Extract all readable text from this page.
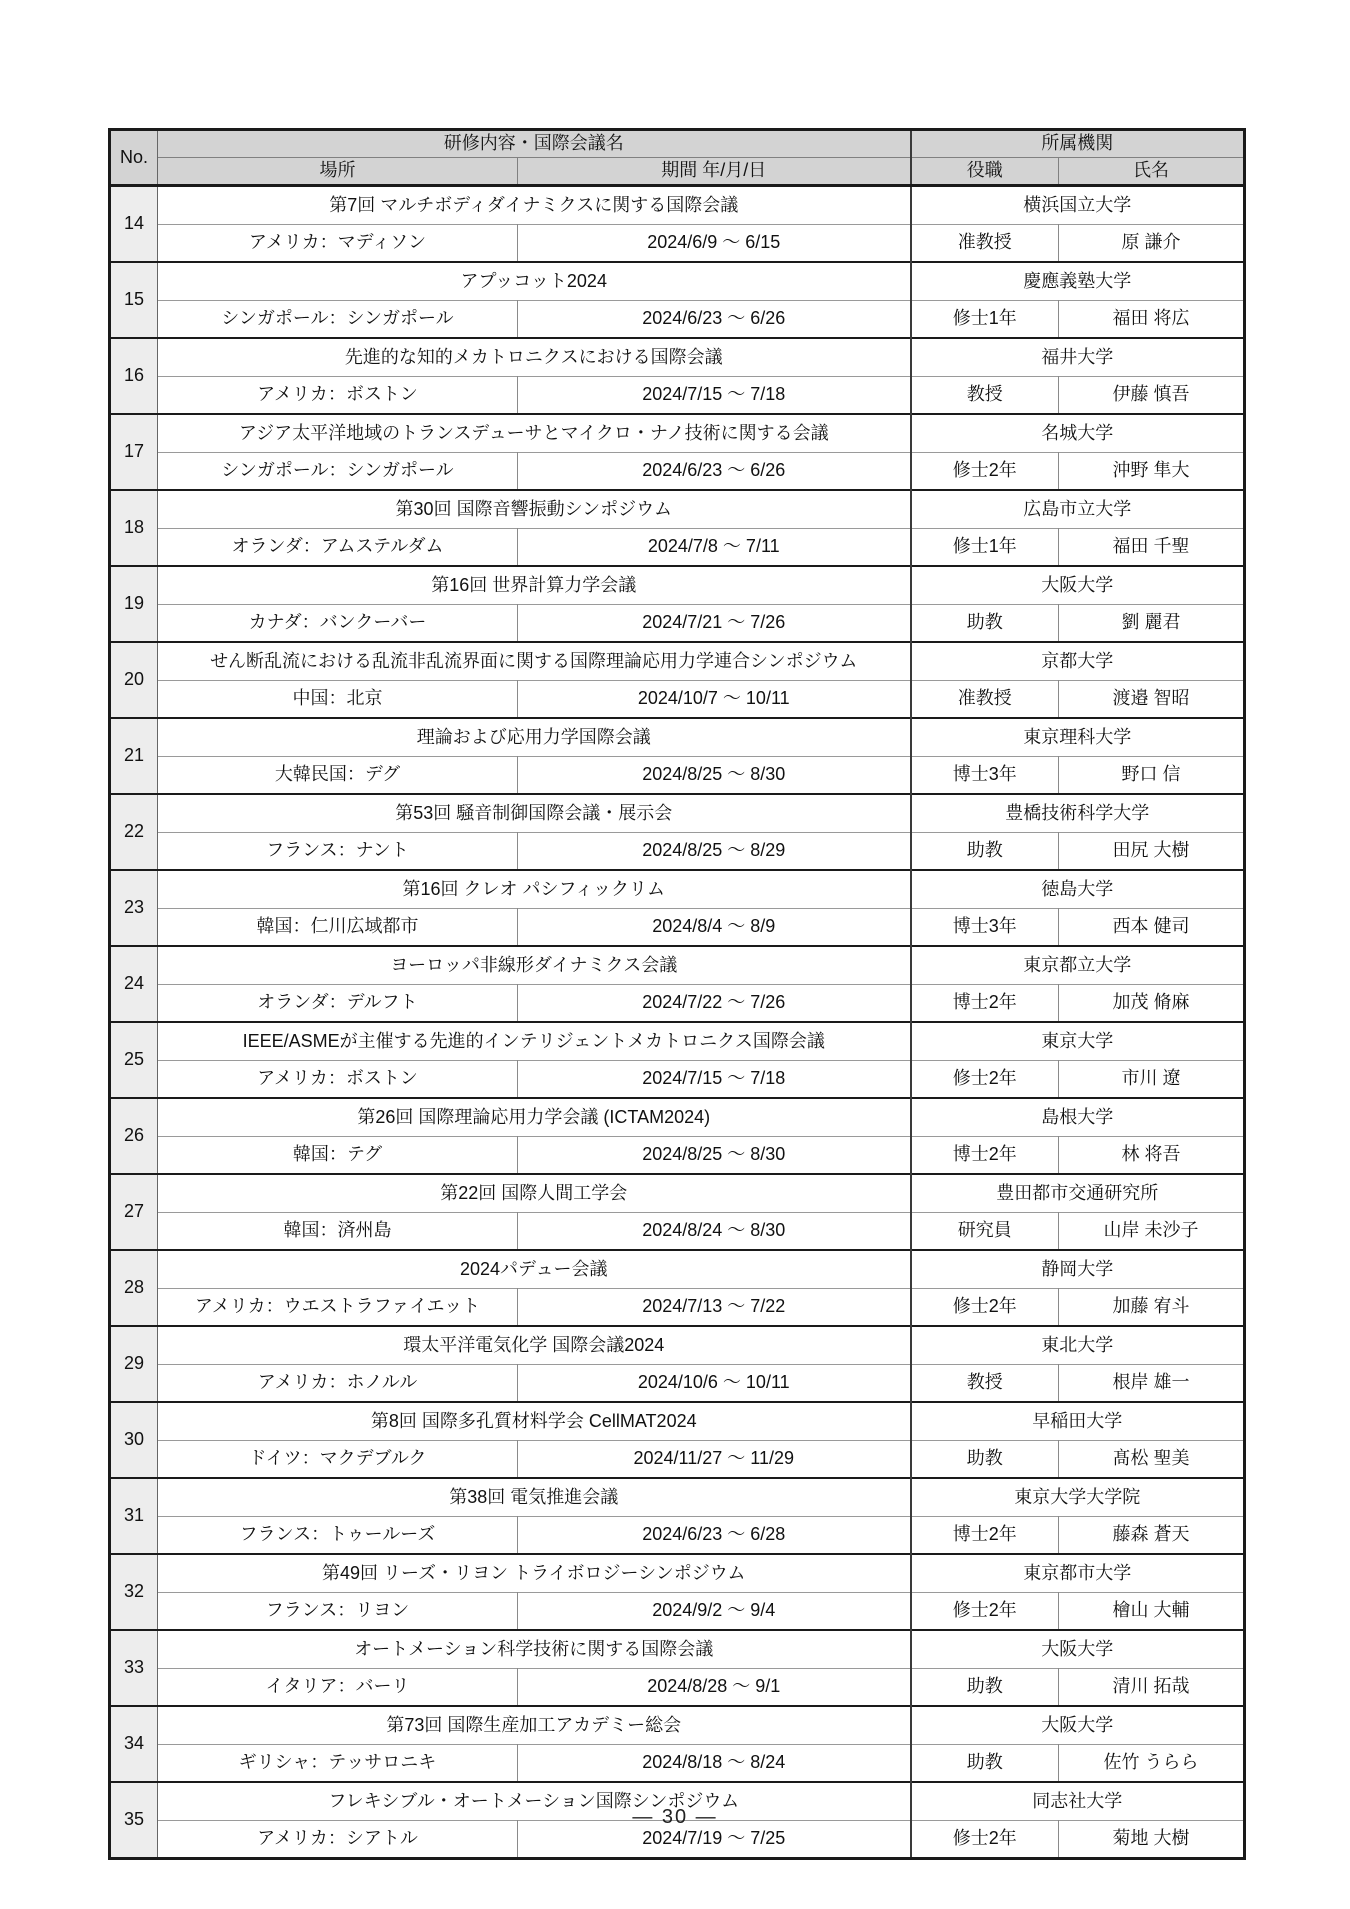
No.	研修内容・国際会議名		所属機関	
	場所	期間 年/月/日	役職	氏名
14	第7回 マルチボディダイナミクスに関する国際会議		横浜国立大学	
	アメリカ：マディソン	2024/6/9 ～ 6/15	准教授	原 謙介
15	アプッコット2024		慶應義塾大学	
	シンガポール：シンガポール	2024/6/23 ～ 6/26	修士1年	福田 将広
16	先進的な知的メカトロニクスにおける国際会議		福井大学	
	アメリカ：ボストン	2024/7/15 ～ 7/18	教授	伊藤 慎吾
17	アジア太平洋地域のトランスデューサとマイクロ・ナノ技術に関する会議		名城大学	
	シンガポール：シンガポール	2024/6/23 ～ 6/26	修士2年	沖野 隼大
18	第30回 国際音響振動シンポジウム		広島市立大学	
	オランダ：アムステルダム	2024/7/8 ～ 7/11	修士1年	福田 千聖
19	第16回 世界計算力学会議		大阪大学	
	カナダ：バンクーバー	2024/7/21 ～ 7/26	助教	劉 麗君
20	せん断乱流における乱流非乱流界面に関する国際理論応用力学連合シンポジウム		京都大学	
	中国：北京	2024/10/7 ～ 10/11	准教授	渡邉 智昭
21	理論および応用力学国際会議		東京理科大学	
	大韓民国：デグ	2024/8/25 ～ 8/30	博士3年	野口 信
22	第53回 騒音制御国際会議・展示会		豊橋技術科学大学	
	フランス：ナント	2024/8/25 ～ 8/29	助教	田尻 大樹
23	第16回 クレオ パシフィックリム		徳島大学	
	韓国：仁川広域都市	2024/8/4 ～ 8/9	博士3年	西本 健司
24	ヨーロッパ非線形ダイナミクス会議		東京都立大学	
	オランダ：デルフト	2024/7/22 ～ 7/26	博士2年	加茂 脩麻
25	IEEE/ASMEが主催する先進的インテリジェントメカトロニクス国際会議		東京大学	
	アメリカ：ボストン	2024/7/15 ～ 7/18	修士2年	市川 遼
26	第26回 国際理論応用力学会議 (ICTAM2024)		島根大学	
	韓国：テグ	2024/8/25 ～ 8/30	博士2年	林 将吾
27	第22回 国際人間工学会		豊田都市交通研究所	
	韓国：済州島	2024/8/24 ～ 8/30	研究員	山岸 未沙子
28	2024パデュー会議		静岡大学	
	アメリカ：ウエストラファイエット	2024/7/13 ～ 7/22	修士2年	加藤 宥斗
29	環太平洋電気化学 国際会議2024		東北大学	
	アメリカ：ホノルル	2024/10/6 ～ 10/11	教授	根岸 雄一
30	第8回 国際多孔質材料学会 CellMAT2024		早稲田大学	
	ドイツ：マクデブルク	2024/11/27 ～ 11/29	助教	髙松 聖美
31	第38回 電気推進会議		東京大学大学院	
	フランス：トゥールーズ	2024/6/23 ～ 6/28	博士2年	藤森 蒼天
32	第49回 リーズ・リヨン トライボロジーシンポジウム		東京都市大学	
	フランス：リヨン	2024/9/2 ～ 9/4	修士2年	檜山 大輔
33	オートメーション科学技術に関する国際会議		大阪大学	
	イタリア：バーリ	2024/8/28 ～ 9/1	助教	清川 拓哉
34	第73回 国際生産加工アカデミー総会		大阪大学	
	ギリシャ：テッサロニキ	2024/8/18 ～ 8/24	助教	佐竹 うらら
35	フレキシブル・オートメーション国際シンポジウム		同志社大学	
	アメリカ：シアトル	2024/7/19 ～ 7/25	修士2年	菊地 大樹
— 30 —
